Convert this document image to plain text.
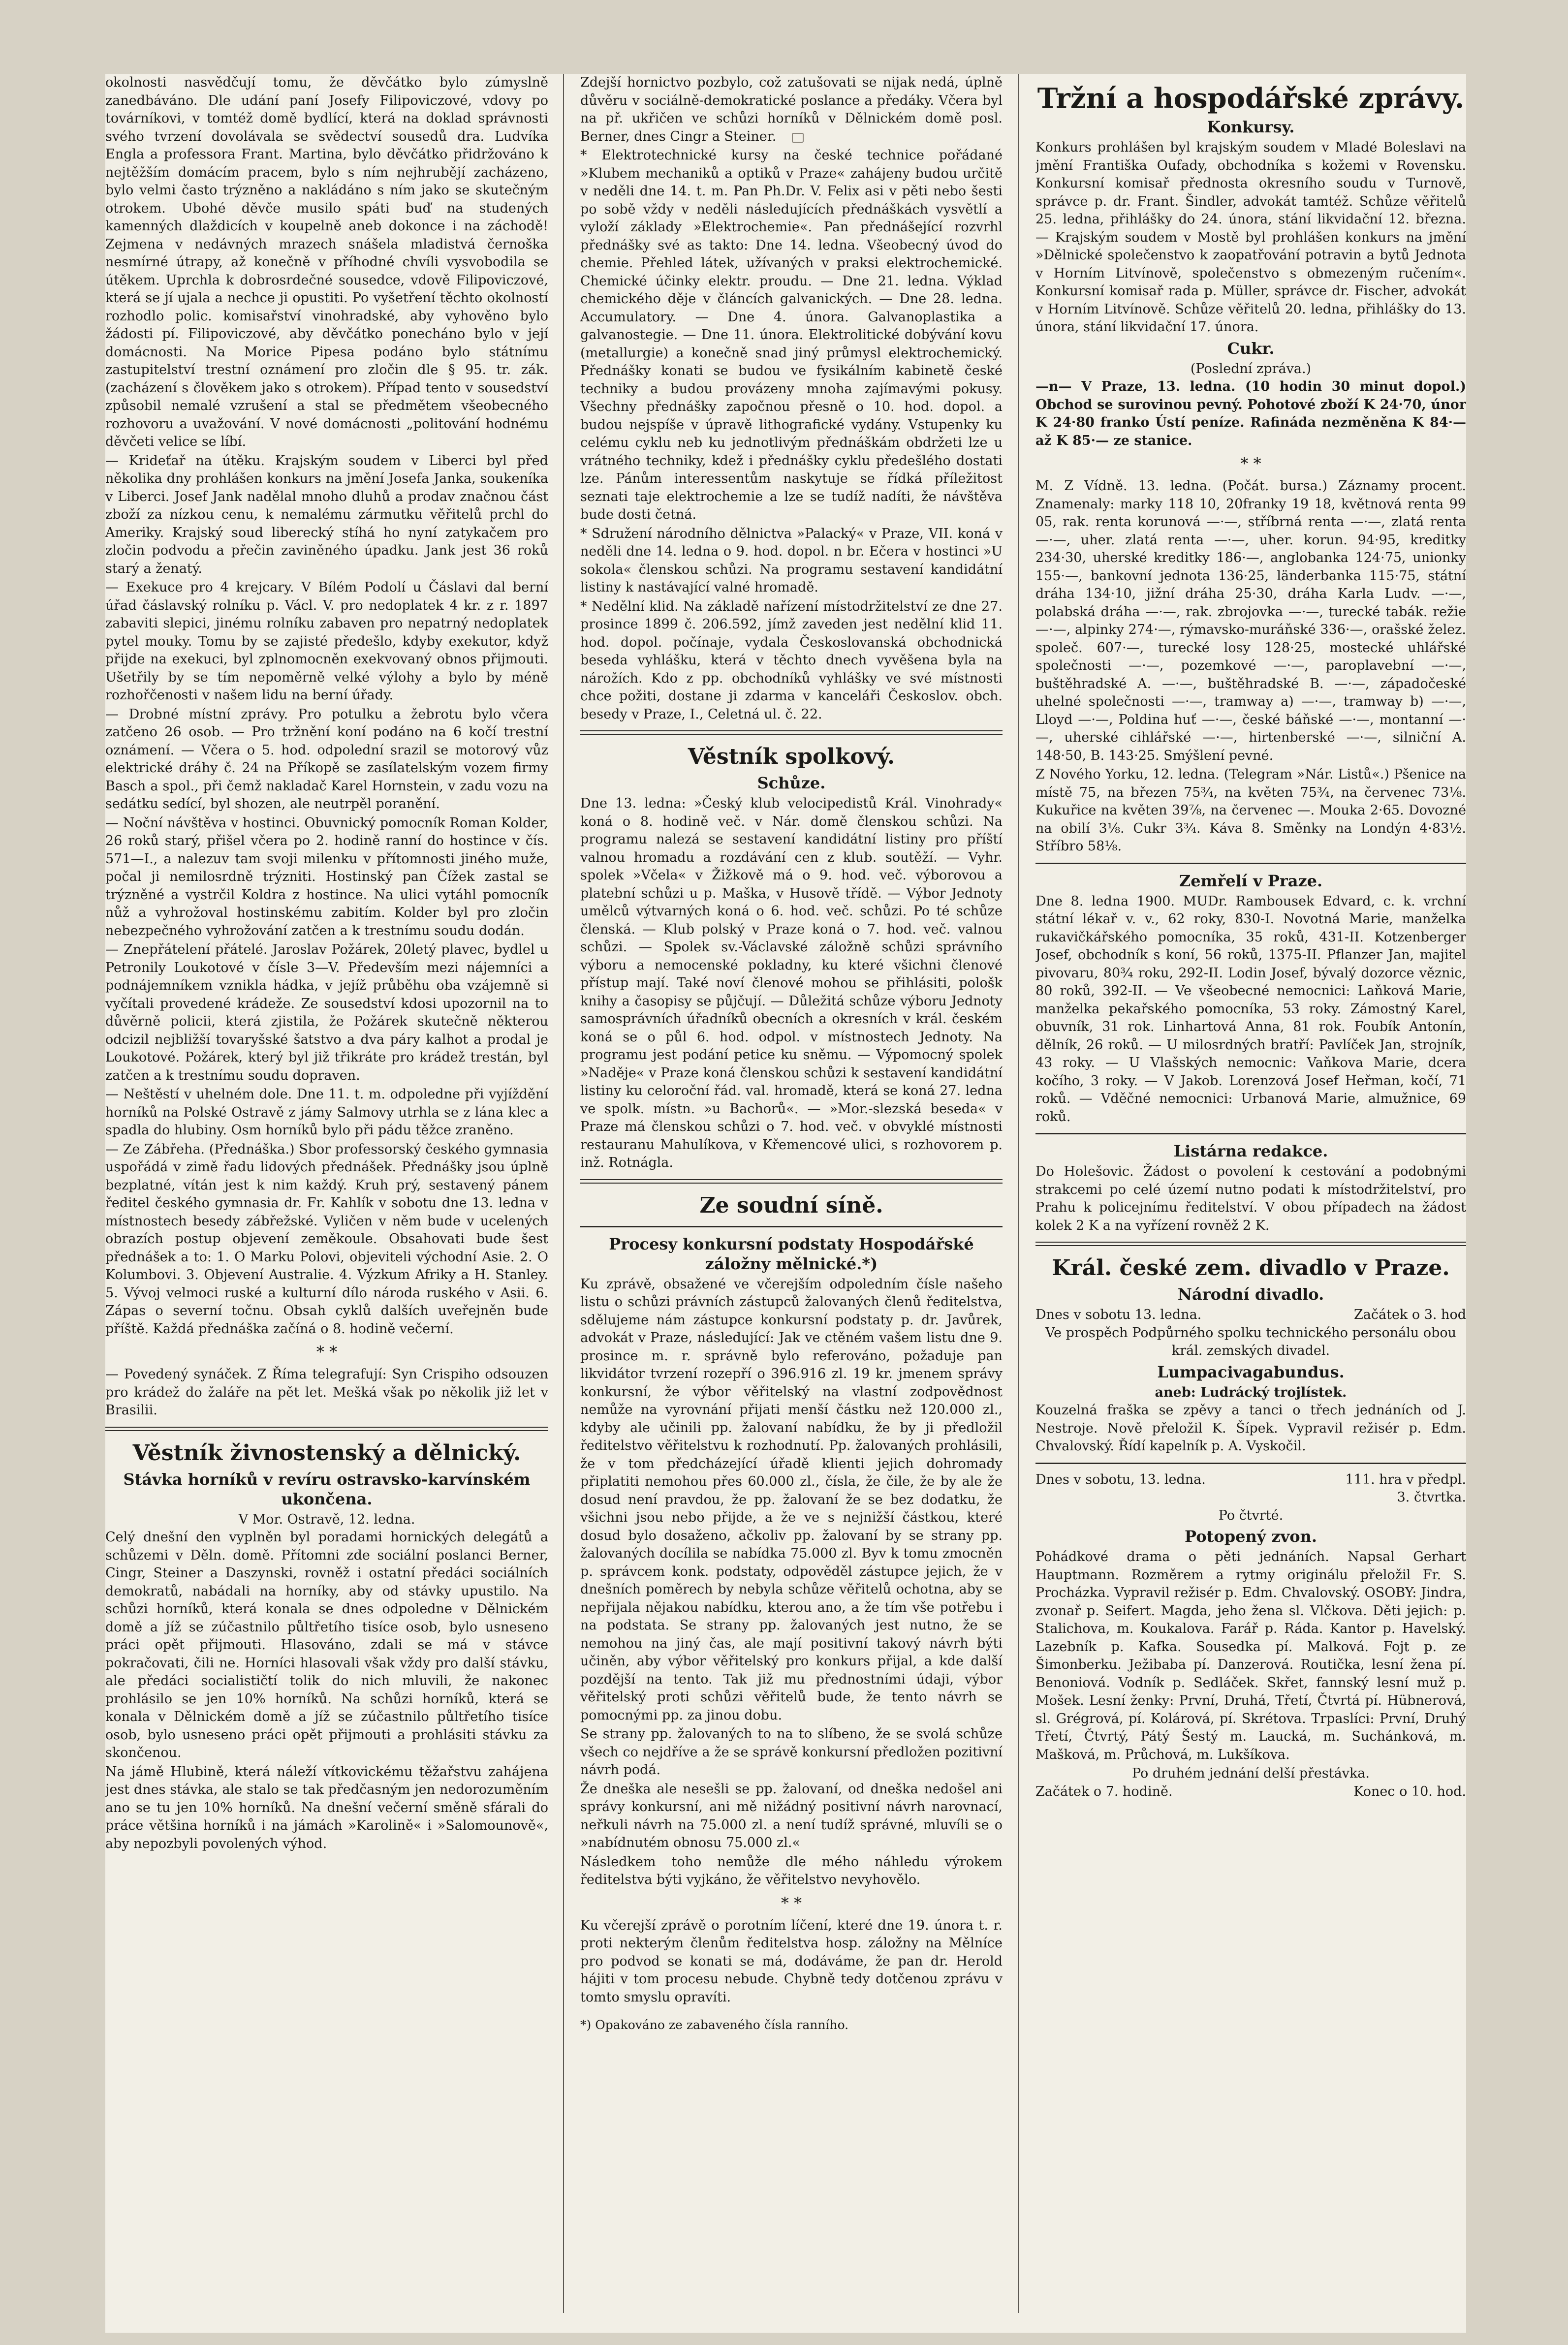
okolnosti nasvědčují tomu, že děvčátko bylo zúmyslně zanedbáváno. Dle udání paní Josefy Filipoviczové, vdovy po továrníkovi, v tomtéž domě bydlící, která na doklad správnosti svého tvrzení dovolávala se svědectví sousedů dra. Ludvíka Engla a professora Frant. Martina, bylo děvčátko přidržováno k nejtěžším domácím pracem, bylo s ním nejhrubějí zacházeno, bylo velmi často trýzněno a nakládáno s ním jako se skutečným otrokem. Ubohé děvče musilo spáti buď na studených kamenných dlaždicích v koupelně aneb dokonce i na záchodě! Zejmena v nedávných mrazech snášela mladistvá černoška nesmírné útrapy, až konečně v příhodné chvíli vysvobodila se útěkem. Uprchla k dobrosrdečné sousedce, vdově Filipoviczové, která se jí ujala a nechce ji opustiti. Po vyšetření těchto okolností rozhodlo polic. komisařství vinohradské, aby vyhověno bylo žádosti pí. Filipoviczové, aby děvčátko ponecháno bylo v její domácnosti. Na Morice Pipesa podáno bylo státnímu zastupitelství trestní oznámení pro zločin dle § 95. tr. zák. (zacházení s člověkem jako s otrokem). Případ tento v sousedství způsobil nemalé vzrušení a stal se předmětem všeobecného rozhovoru a uvažování. V nové domácnosti „politování hodnému děvčeti velice se líbí.

— Krideťař na útěku. Krajským soudem v Liberci byl před několika dny prohlášen konkurs na jmění Josefa Janka, soukeníka v Liberci. Josef Jank nadělal mnoho dluhů a prodav značnou část zboží za nízkou cenu, k nemalému zármutku věřitelů prchl do Ameriky. Krajský soud liberecký stíhá ho nyní zatykačem pro zločin podvodu a přečin zaviněného úpadku. Jank jest 36 roků starý a ženatý.

— Exekuce pro 4 krejcary. V Bílém Podolí u Čáslavi dal berní úřad čáslavský rolníku p. Václ. V. pro nedoplatek 4 kr. z r. 1897 zabaviti slepici, jinému rolníku zabaven pro nepatrný nedoplatek pytel mouky. Tomu by se zajisté předešlo, kdyby exekutor, když přijde na exekuci, byl zplnomocněn exekvovaný obnos přijmouti. Ušetřily by se tím nepoměrně velké výlohy a bylo by méně rozhořčenosti v našem lidu na berní úřady.

— Drobné místní zprávy. Pro potulku a žebrotu bylo včera zatčeno 26 osob. — Pro tržnění koní podáno na 6 kočí trestní oznámení. — Včera o 5. hod. odpolední srazil se motorový vůz elektrické dráhy č. 24 na Příkopě se zasílatelským vozem firmy Basch a spol., při čemž nakladač Karel Hornstein, v zadu vozu na sedátku sedící, byl shozen, ale neutrpěl poranění.

— Noční návštěva v hostinci. Obuvnický pomocník Roman Kolder, 26 roků starý, přišel včera po 2. hodině ranní do hostince v čís. 571—I., a nalezuv tam svoji milenku v přítomnosti jiného muže, počal ji nemilosrdně trýzniti. Hostinský pan Čížek zastal se trýzněné a vystrčil Koldra z hostince. Na ulici vytáhl pomocník nůž a vyhrožoval hostinskému zabitím. Kolder byl pro zločin nebezpečného vyhrožování zatčen a k trestnímu soudu dodán.

— Znepřátelení přátelé. Jaroslav Požárek, 20letý plavec, bydlel u Petronily Loukotové v čísle 3—V. Především mezi nájemníci a podnájemníkem vznikla hádka, v jejíž průběhu oba vzájemně si vyčítali provedené krádeže. Ze sousedství kdosi upozornil na to důvěrně policii, která zjistila, že Požárek skutečně některou odcizil nejbližší tovaryšské šatstvo a dva páry kalhot a prodal je Loukotové. Požárek, který byl již třikráte pro krádež trestán, byl zatčen a k trestnímu soudu dopraven.

— Neštěstí v uhelném dole. Dne 11. t. m. odpoledne při vyjíždění horníků na Polské Ostravě z jámy Salmovy utrhla se z lána klec a spadla do hlubiny. Osm horníků bylo při pádu těžce zraněno.

— Ze Zábřeha. (Přednáška.) Sbor professorský českého gymnasia uspořádá v zimě řadu lidových přednášek. Přednášky jsou úplně bezplatné, vítán jest k nim každý. Kruh prý, sestavený pánem ředitel českého gymnasia dr. Fr. Kahlík v sobotu dne 13. ledna v místnostech besedy zábřežské. Vyličen v něm bude v ucelených obrazích postup objevení zeměkoule. Obsahovati bude šest přednášek a to: 1. O Marku Polovi, objeviteli východní Asie. 2. O Kolumbovi. 3. Objevení Australie. 4. Výzkum Afriky a H. Stanley. 5. Vývoj velmoci ruské a kulturní dílo národa ruského v Asii. 6. Zápas o severní točnu. Obsah cyklů dalších uveřejněn bude příště. Každá přednáška začíná o 8. hodině večerní.

* *

— Povedený synáček. Z Říma telegrafují: Syn Crispiho odsouzen pro krádež do žaláře na pět let. Mešká však po několik již let v Brasilii.

Věstník živnostenský a dělnický.
Stávka horníků v revíru ostravsko-karvínském ukončena.
V Mor. Ostravě, 12. ledna.

Celý dnešní den vyplněn byl poradami hornických delegátů a schůzemi v Děln. domě. Přítomni zde sociální poslanci Berner, Cingr, Steiner a Daszynski, rovněž i ostatní předáci sociálních demokratů, nabádali na horníky, aby od stávky upustilo. Na schůzi horníků, která konala se dnes odpoledne v Dělnickém domě a jíž se zúčastnilo půltřetího tisíce osob, bylo usneseno práci opět přijmouti. Hlasováno, zdali se má v stávce pokračovati, čili ne. Horníci hlasovali však vždy pro další stávku, ale předáci socialističtí tolik do nich mluvili, že nakonec prohlásilo se jen 10% horníků. Na schůzi horníků, která se konala v Dělnickém domě a jíž se zúčastnilo půltřetího tisíce osob, bylo usneseno práci opět přijmouti a prohlásiti stávku za skončenou.

Na jámě Hlubině, která náleží vítkovickému těžařstvu zahájena jest dnes stávka, ale stalo se tak předčasným jen nedorozuměním ano se tu jen 10% horníků. Na dnešní večerní směně sfárali do práce většina horníků i na jámách »Karolině« i »Salomounově«, aby nepozbyli povolených výhod.

Zdejší hornictvo pozbylo, což zatušovati se nijak nedá, úplně důvěru v sociálně-demokratické poslance a předáky. Včera byl na př. ukřičen ve schůzi horníků v Dělnickém domě posl. Berner, dnes Cingr a Steiner.

* Elektrotechnické kursy na české technice pořádané »Klubem mechaniků a optiků v Praze« zahájeny budou určitě v neděli dne 14. t. m. Pan Ph.Dr. V. Felix asi v pěti nebo šesti po sobě vždy v neděli následujících přednáškách vysvětlí a vyloží základy »Elektrochemie«. Pan přednášející rozvrhl přednášky své as takto: Dne 14. ledna. Všeobecný úvod do chemie. Přehled látek, užívaných v praksi elektrochemické. Chemické účinky elektr. proudu. — Dne 21. ledna. Výklad chemického děje v článcích galvanických. — Dne 28. ledna. Accumulatory. — Dne 4. února. Galvanoplastika a galvanostegie. — Dne 11. února. Elektrolitické dobývání kovu (metallurgie) a konečně snad jiný průmysl elektrochemický. Přednášky konati se budou ve fysikálním kabinetě české techniky a budou provázeny mnoha zajímavými pokusy. Všechny přednášky započnou přesně o 10. hod. dopol. a budou nejspíše v úpravě lithografické vydány. Vstupenky ku celému cyklu neb ku jednotlivým přednáškám obdržeti lze u vrátného techniky, kdež i přednášky cyklu předešlého dostati lze. Pánům interessentům naskytuje se řídká příležitost seznati taje elektrochemie a lze se tudíž nadíti, že návštěva bude dosti četná.

* Sdružení národního dělnictva »Palacký« v Praze, VII. koná v neděli dne 14. ledna o 9. hod. dopol. n br. Ečera v hostinci »U sokola« členskou schůzi. Na programu sestavení kandidátní listiny k nastávající valné hromadě.

* Nedělní klid. Na základě nařízení místodržitelství ze dne 27. prosince 1899 č. 206.592, jímž zaveden jest nedělní klid 11. hod. dopol. počínaje, vydala Českoslovanská obchodnická beseda vyhlášku, která v těchto dnech vyvěšena byla na nárožích. Kdo z pp. obchodníků vyhlášky ve své místnosti chce požiti, dostane ji zdarma v kanceláři Českoslov. obch. besedy v Praze, I., Celetná ul. č. 22.

Věstník spolkový.
Schůze.

Dne 13. ledna: »Český klub velocipedistů Král. Vinohrady« koná o 8. hodině več. v Nár. domě členskou schůzi. Na programu nalezá se sestavení kandidátní listiny pro příští valnou hromadu a rozdávání cen z klub. soutěží. — Vyhr. spolek »Včela« v Žižkově má o 9. hod. več. výborovou a platební schůzi u p. Maška, v Husově třídě. — Výbor Jednoty umělců výtvarných koná o 6. hod. več. schůzi. Po té schůze členská. — Klub polský v Praze koná o 7. hod. več. valnou schůzi. — Spolek sv.-Václavské záložně schůzi správního výboru a nemocenské pokladny, ku které všichni členové přístup mají. Také noví členové mohou se přihlásiti, pološk knihy a časopisy se půjčují. — Důležitá schůze výboru Jednoty samosprávních úřadníků obecních a okresních v král. českém koná se o půl 6. hod. odpol. v místnostech Jednoty. Na programu jest podání petice ku sněmu. — Výpomocný spolek »Naděje« v Praze koná členskou schůzi k sestavení kandidátní listiny ku celoroční řád. val. hromadě, která se koná 27. ledna ve spolk. místn. »u Bachorů«. — »Mor.-slezská beseda« v Praze má členskou schůzi o 7. hod. več. v obvyklé místnosti restauranu Mahulíkova, v Křemencové ulici, s rozhovorem p. inž. Rotnágla.

Ze soudní síně.
Procesy konkursní podstaty Hospodářské záložny mělnické.*)

Ku zprávě, obsažené ve včerejším odpoledním čísle našeho listu o schůzi právních zástupců žalovaných členů ředitelstva, sdělujeme nám zástupce konkursní podstaty p. dr. Javůrek, advokát v Praze, následující: Jak ve ctěném vašem listu dne 9. prosince m. r. správně bylo referováno, požaduje pan likvidátor tvrzení rozepří o 396.916 zl. 19 kr. jmenem správy konkursní, že výbor věřitelský na vlastní zodpovědnost nemůže na vyrovnání přijati menší částku než 120.000 zl., kdyby ale učinili pp. žalovaní nabídku, že by ji předložil ředitelstvo věřitelstvu k rozhodnutí. Pp. žalovaných prohlásili, že v tom předcházející úřadě klienti jejich dohromady připlatiti nemohou přes 60.000 zl., čísla, že čile, že by ale že dosud není pravdou, že pp. žalovaní že se bez dodatku, že všichni jsou nebo přijde, a že ve s nejnižší částkou, které dosud bylo dosaženo, ačkoliv pp. žalovaní by se strany pp. žalovaných docílila se nabídka 75.000 zl. Byv k tomu zmocněn p. správcem konk. podstaty, odpověděl zástupce jejich, že v dnešních poměrech by nebyla schůze věřitelů ochotna, aby se nepřijala nějakou nabídku, kterou ano, a že tím vše potřebu i na podstata. Se strany pp. žalovaných jest nutno, že se nemohou na jiný čas, ale mají positivní takový návrh býti učiněn, aby výbor věřitelský pro konkurs přijal, a kde další pozdější na tento. Tak již mu přednostními údaji, výbor věřitelský proti schůzi věřitelů bude, že tento návrh se pomocnými pp. za jinou dobu.

Se strany pp. žalovaných to na to slíbeno, že se svolá schůze všech co nejdříve a že se správě konkursní předložen pozitivní návrh podá.

Že dneška ale nesešli se pp. žalovaní, od dneška nedošel ani správy konkursní, ani mě nižádný positivní návrh narovnací, neřkuli návrh na 75.000 zl. a není tudíž správné, mluvíli se o »nabídnutém obnosu 75.000 zl.«

Následkem toho nemůže dle mého náhledu výrokem ředitelstva býti vyjkáno, že věřitelstvo nevyhovělo.

* *

Ku včerejší zprávě o porotním líčení, které dne 19. února t. r. proti nekterým členům ředitelstva hosp. záložny na Mělníce pro podvod se konati se má, dodáváme, že pan dr. Herold hájiti v tom procesu nebude. Chybně tedy dotčenou zprávu v tomto smyslu opravíti.

*) Opakováno ze zabaveného čísla ranního.
Tržní a hospodářské zprávy.
Konkursy.

Konkurs prohlášen byl krajským soudem v Mladé Boleslavi na jmění Františka Oufady, obchodníka s kožemi v Rovensku. Konkursní komisař přednosta okresního soudu v Turnově, správce p. dr. Frant. Šindler, advokát tamtéž. Schůze věřitelů 25. ledna, přihlášky do 24. února, stání likvidační 12. března. — Krajským soudem v Mostě byl prohlášen konkurs na jmění »Dělnické společenstvo k zaopatřování potravin a bytů Jednota v Horním Litvínově, společenstvo s obmezeným ručením«. Konkursní komisař rada p. Müller, správce dr. Fischer, advokát v Horním Litvínově. Schůze věřitelů 20. ledna, přihlášky do 13. února, stání likvidační 17. února.

Cukr.
(Poslední zpráva.)

—n— V Praze, 13. ledna. (10 hodin 30 minut dopol.) Obchod se surovinou pevný. Pohotové zboží K 24·70, únor K 24·80 franko Ústí peníze. Rafináda nezměněna K 84·— až K 85·— ze stanice.

* *

M. Z Vídně. 13. ledna. (Počát. bursa.) Záznamy procent. Znamenaly: marky 118 10, 20franky 19 18, květnová renta 99 05, rak. renta korunová —·—, stříbrná renta —·—, zlatá renta —·—, uher. zlatá renta —·—, uher. korun. 94·95, kreditky 234·30, uherské kreditky 186·—, anglobanka 124·75, unionky 155·—, bankovní jednota 136·25, länderbanka 115·75, státní dráha 134·10, jižní dráha 25·30, dráha Karla Ludv. —·—, polabská dráha —·—, rak. zbrojovka —·—, turecké tabák. režie —·—, alpinky 274·—, rýmavsko-muráňské 336·—, orašské želez. společ. 607·—, turecké losy 128·25, mostecké uhlářské společnosti —·—, pozemkové —·—, paroplavební —·—, buštěhradské A. —·—, buštěhradské B. —·—, západočeské uhelné společnosti —·—, tramway a) —·—, tramway b) —·—, Lloyd —·—, Poldina huť —·—, české báňské —·—, montanní —·—, uherské cihlářské —·—, hirtenberské —·—, silniční A. 148·50, B. 143·25. Smýšlení pevné.

Z Nového Yorku, 12. ledna. (Telegram »Nár. Listů«.) Pšenice na místě 75, na březen 75¾, na květen 75¾, na červenec 73⅛. Kukuřice na květen 39⅞, na červenec —. Mouka 2·65. Dovozné na obilí 3⅛. Cukr 3¾. Káva 8. Směnky na Londýn 4·83½. Stříbro 58⅛.

Zemřelí v Praze.

Dne 8. ledna 1900. MUDr. Rambousek Edvard, c. k. vrchní státní lékař v. v., 62 roky, 830-I. Novotná Marie, manželka rukavičkářského pomocníka, 35 roků, 431-II. Kotzenberger Josef, obchodník s koní, 56 roků, 1375-II. Pflanzer Jan, majitel pivovaru, 80¾ roku, 292-II. Lodin Josef, bývalý dozorce věznic, 80 roků, 392-II. — Ve všeobecné nemocnici: Laňková Marie, manželka pekařského pomocníka, 53 roky. Zámostný Karel, obuvník, 31 rok. Linhartová Anna, 81 rok. Foubík Antonín, dělník, 26 roků. — U milosrdných bratří: Pavlíček Jan, strojník, 43 roky. — U Vlašských nemocnic: Vaňkova Marie, dcera kočího, 3 roky. — V Jakob. Lorenzová Josef Heřman, kočí, 71 roků. — Vděčné nemocnici: Urbanová Marie, almužnice, 69 roků.

Listárna redakce.

Do Holešovic. Žádost o povolení k cestování a podobnými strakcemi po celé území nutno podati k místodržitelství, pro Prahu k policejnímu ředitelství. V obou případech na žádost kolek 2 K a na vyřízení rovněž 2 K.

Král. české zem. divadlo v Praze.
Národní divadlo.
Dnes v sobotu 13. ledna.	Začátek o 3. hod

Ve prospěch Podpůrného spolku technického personálu obou král. zemských divadel.

Lumpacivagabundus.
aneb: Ludrácký trojlístek.

Kouzelná fraška se zpěvy a tanci o třech jednáních od J. Nestroje. Nově přeložil K. Šípek. Vypravil režisér p. Edm. Chvalovský. Řídí kapelník p. A. Vyskočil.

Dnes v sobotu, 13. ledna.	111. hra v předpl.
3. čtvrtka.
Po čtvrté.
Potopený zvon.

Pohádkové drama o pěti jednáních. Napsal Gerhart Hauptmann. Rozměrem a rytmy originálu přeložil Fr. S. Procházka. Vypravil režisér p. Edm. Chvalovský. OSOBY: Jindra, zvonař p. Seifert. Magda, jeho žena sl. Vlčkova. Děti jejich: p. Stalichova, m. Koukalova. Farář p. Ráda. Kantor p. Havelský. Lazebník p. Kafka. Sousedka pí. Malková. Fojt p. ze Šimonberku. Ježibaba pí. Danzerová. Routička, lesní žena pí. Benoniová. Vodník p. Sedláček. Skřet, fannský lesní muž p. Mošek. Lesní ženky: První, Druhá, Třetí, Čtvrtá pí. Hübnerová, sl. Grégrová, pí. Kolárová, pí. Skrétova. Trpaslíci: První, Druhý Třetí, Čtvrtý, Pátý Šestý m. Laucká, m. Suchánková, m. Mašková, m. Průchová, m. Lukšíkova.

Po druhém jednání delší přestávka.
Začátek o 7. hodině.	Konec o 10. hod.
